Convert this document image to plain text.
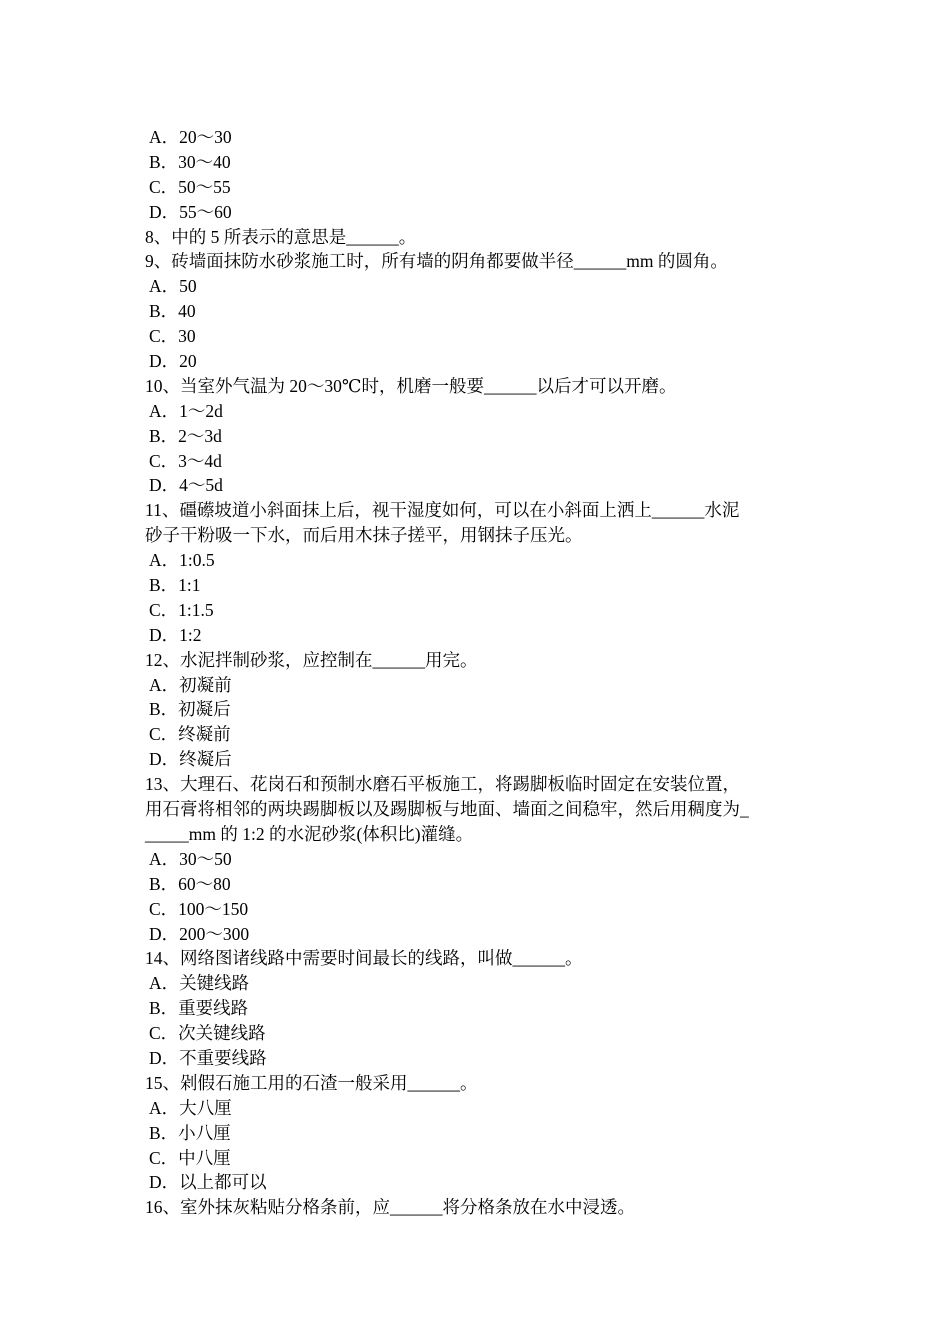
A．20～30
B．30～40
C．50～55
D．55～60
8、中的 5 所表示的意思是______。
9、砖墙面抹防水砂浆施工时，所有墙的阴角都要做半径______mm 的圆角。
A．50
B．40
C．30
D．20
10、当室外气温为 20～30℃时，机磨一般要______以后才可以开磨。
A．1～2d
B．2～3d
C．3～4d
D．4～5d
11、礓礤坡道小斜面抹上后，视干湿度如何，可以在小斜面上洒上______水泥
砂子干粉吸一下水，而后用木抹子搓平，用钢抹子压光。
A．1:0.5
B．1:1
C．1:1.5
D．1:2
12、水泥拌制砂浆，应控制在______用完。
A．初凝前
B．初凝后
C．终凝前
D．终凝后
13、大理石、花岗石和预制水磨石平板施工，将踢脚板临时固定在安装位置，
用石膏将相邻的两块踢脚板以及踢脚板与地面、墙面之间稳牢，然后用稠度为_
_____mm 的 1:2 的水泥砂浆(体积比)灌缝。
A．30～50
B．60～80
C．100～150
D．200～300
14、网络图诸线路中需要时间最长的线路，叫做______。
A．关键线路
B．重要线路
C．次关键线路
D．不重要线路
15、剁假石施工用的石渣一般采用______。
A．大八厘
B．小八厘
C．中八厘
D．以上都可以
16、室外抹灰粘贴分格条前，应______将分格条放在水中浸透。
